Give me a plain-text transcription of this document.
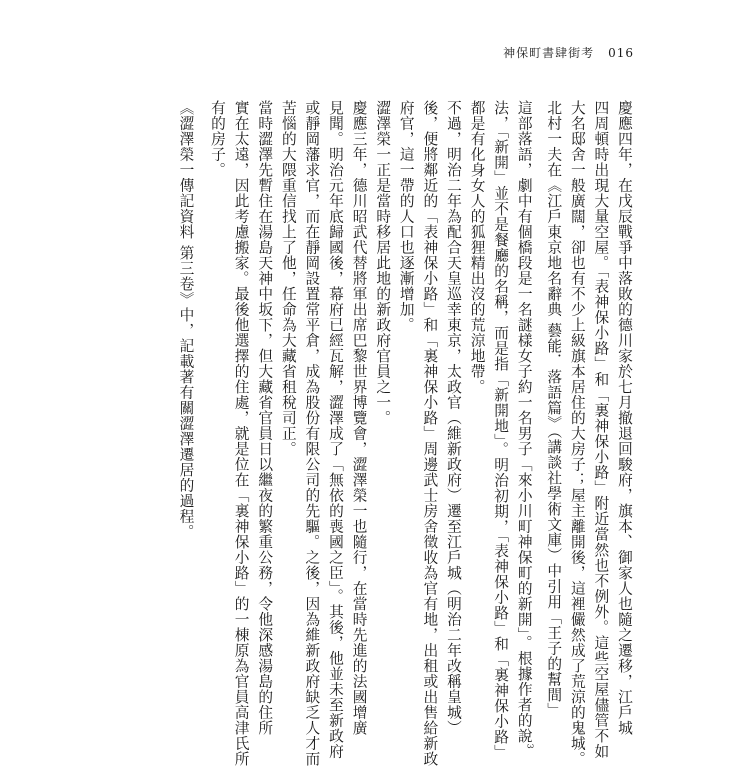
神保町書肆街考 016
慶應四年，在戊辰戰爭中落敗的德川家於七月撤退回駿府，旗本、御家人也隨之遷移，江戶城
四周頓時出現大量空屋。「表神保小路」和「裏神保小路」附近當然也不例外。這些空屋儘管不如
大名邸舍一般廣闊，卻也有不少上級旗本居住的大房子；屋主離開後，這裡儼然成了荒涼的鬼城。
北村一夫在《江戶東京地名辭典 藝能．落語篇》（講談社學術文庫）中引用「王子的幫間」
這部落語，劇中有個橋段是一名謎樣女子約一名男子「來小川町神保町的新開」。根據作者的說$^3$
法，「新開」並不是餐廳的名稱，而是指「新開地」。明治初期，「表神保小路」和「裏神保小路」
都是有化身女人的狐狸精出沒的荒涼地帶。
不過，明治二年為配合天皇巡幸東京，太政官（維新政府）遷至江戶城（明治二年改稱皇城）
後，便將鄰近的「表神保小路」和「裏神保小路」周邊武士房舍徵收為官有地，出租或出售給新政
府官，這一帶的人口也逐漸增加。
澀澤榮一正是當時移居此地的新政府官員之一。
慶應三年，德川昭武代替將軍出席巴黎世界博覽會，澀澤榮一也隨行，在當時先進的法國增廣
見聞。明治元年底歸國後，幕府已經瓦解，澀澤成了「無依的喪國之臣」。其後，他並未至新政府
或靜岡藩求官，而在靜岡設置常平倉，成為股份有限公司的先驅。之後，因為維新政府缺乏人才而
苦惱的大隈重信找上了他，任命為大藏省租稅司正。
當時澀澤先暫住在湯島天神中坂下，但大藏省官員日以繼夜的繁重公務，令他深感湯島的住所
實在太遠，因此考慮搬家。最後他選擇的住處，就是位在「裏神保小路」的一棟原為官員高津氏所
有的房子。
《澀澤榮一傳記資料 第三卷》中，記載著有關澀澤遷居的過程。
